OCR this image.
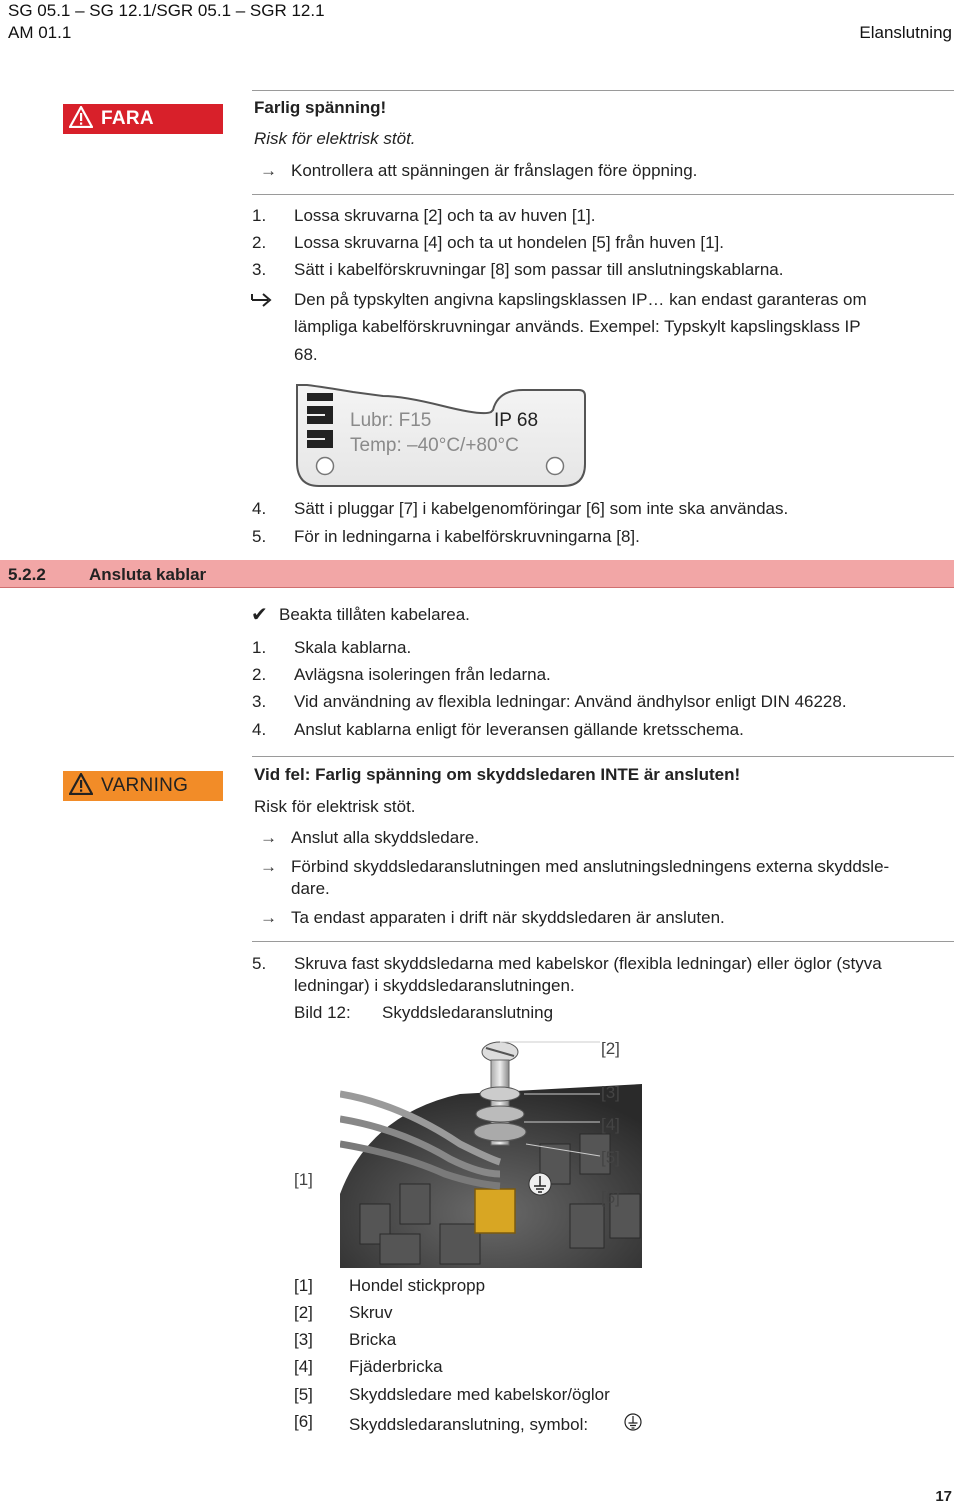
SG 05.1 – SG 12.1/SGR 05.1 – SGR 12.1
AM 01.1	Elanslutning
FARA
Farlig spänning!
Risk för elektrisk stöt.
→ Kontrollera att spänningen är frånslagen före öppning.
1. Lossa skruvarna [2] och ta av huven [1].
2. Lossa skruvarna [4] och ta ut hondelen [5] från huven [1].
3. Sätt i kabelförskruvningar [8] som passar till anslutningskablarna.
Den på typskylten angivna kapslingsklassen IP… kan endast garanteras om
lämpliga kabelförskruvningar används. Exempel: Typskylt kapslingsklass IP
68.
Lubr: F15	IP 68
Temp: –40°C/+80°C
4. Sätt i pluggar [7] i kabelgenomföringar [6] som inte ska användas.
5. För in ledningarna i kabelförskruvningarna [8].
5.2.2	Ansluta kablar
✔ Beakta tillåten kabelarea.
1. Skala kablarna.
2. Avlägsna isoleringen från ledarna.
3. Vid användning av flexibla ledningar: Använd ändhylsor enligt DIN 46228.
4. Anslut kablarna enligt för leveransen gällande kretsschema.
VARNING
Vid fel: Farlig spänning om skyddsledaren INTE är ansluten!
Risk för elektrisk stöt.
→ Anslut alla skyddsledare.
→ Förbind skyddsledaranslutningen med anslutningsledningens externa skyddsle-
dare.
→ Ta endast apparaten i drift när skyddsledaren är ansluten.
5. Skruva fast skyddsledarna med kabelskor (flexibla ledningar) eller öglor (styva
ledningar) i skyddsledaranslutningen.
Bild 12: Skyddsledaranslutning
[2]
[3]
[4]
[5]
[6]
[1]
[1] Hondel stickpropp
[2] Skruv
[3] Bricka
[4] Fjäderbricka
[5] Skyddsledare med kabelskor/öglor
[6] Skyddsledaranslutning, symbol:
17
